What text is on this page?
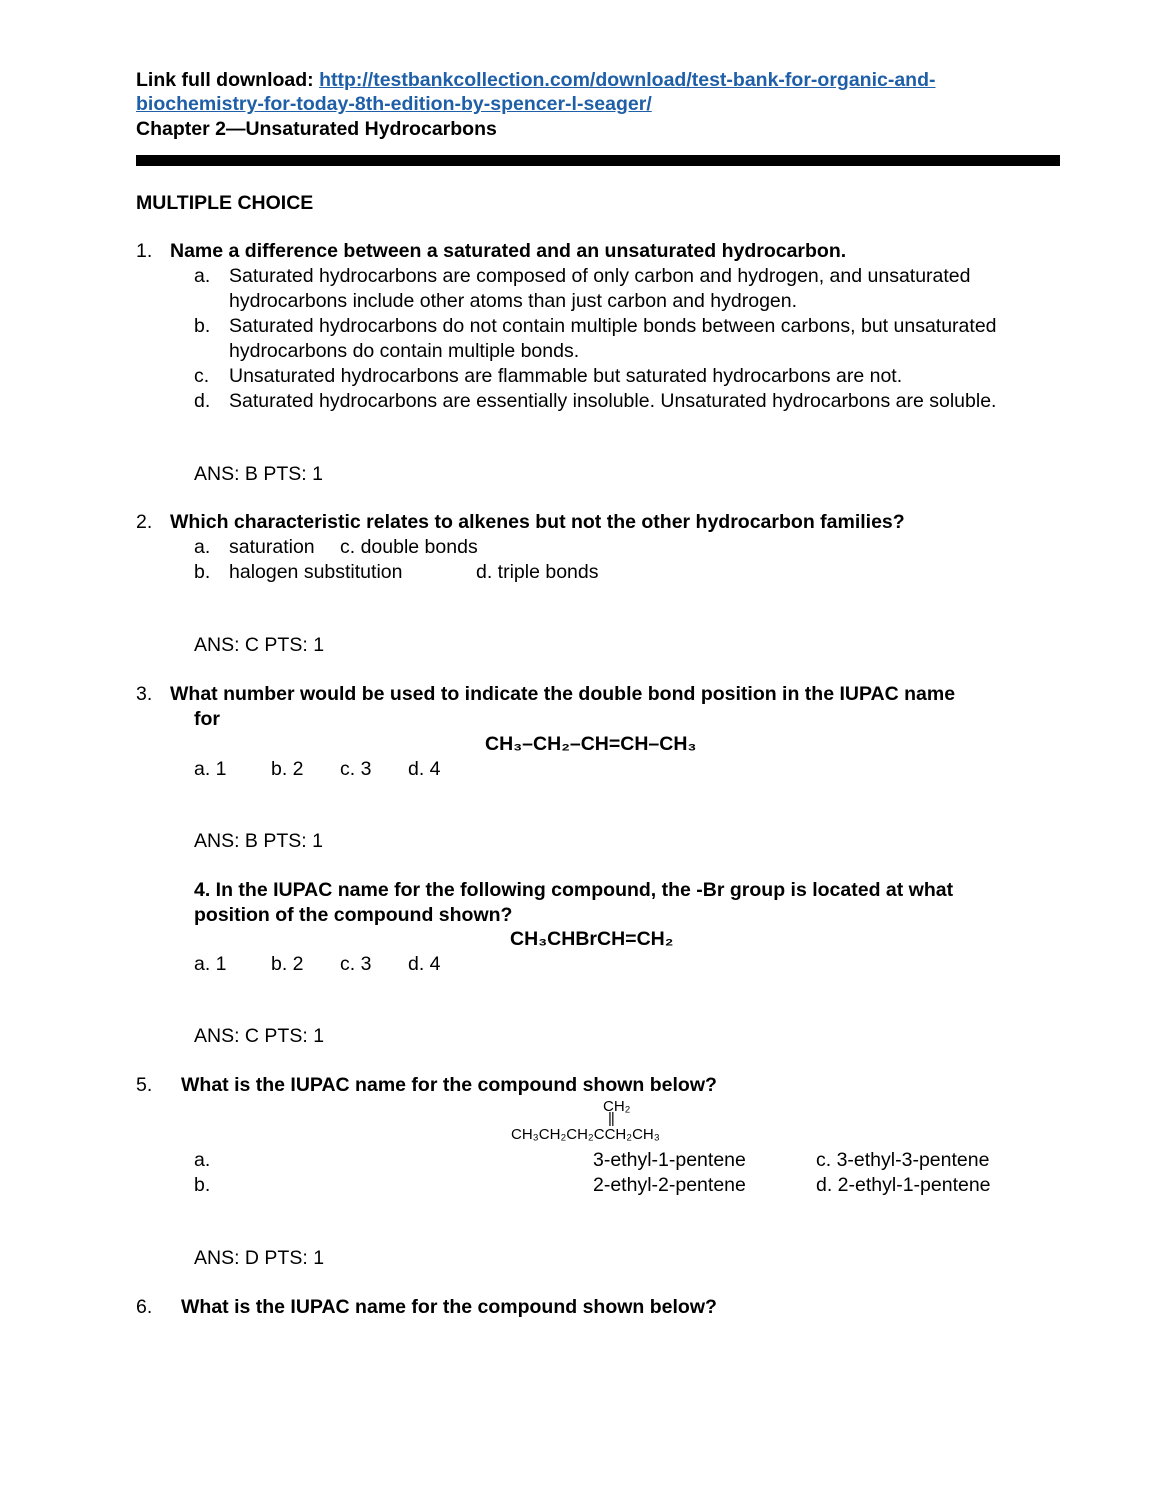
Link full download: http://testbankcollection.com/download/test-bank-for-organic-and-
biochemistry-for-today-8th-edition-by-spencer-l-seager/
Chapter 2—Unsaturated Hydrocarbons
MULTIPLE CHOICE
1. Name a difference between a saturated and an unsaturated hydrocarbon.
a. Saturated hydrocarbons are composed of only carbon and hydrogen, and unsaturated
hydrocarbons include other atoms than just carbon and hydrogen.
b. Saturated hydrocarbons do not contain multiple bonds between carbons, but unsaturated
hydrocarbons do contain multiple bonds.
c. Unsaturated hydrocarbons are flammable but saturated hydrocarbons are not.
d. Saturated hydrocarbons are essentially insoluble. Unsaturated hydrocarbons are soluble.
ANS: B PTS: 1
2. Which characteristic relates to alkenes but not the other hydrocarbon families?
a. saturation c. double bonds
b. halogen substitution	d. triple bonds
ANS: C PTS: 1
3. What number would be used to indicate the double bond position in the IUPAC name
for
CH₃–CH₂–CH=CH–CH₃
a. 1 b. 2 c. 3 d. 4
ANS: B PTS: 1
4. In the IUPAC name for the following compound, the -Br group is located at what
position of the compound shown?
CH₃CHBrCH=CH₂
a. 1 b. 2 c. 3 d. 4
ANS: C PTS: 1
5. What is the IUPAC name for the compound shown below?
CH₂
||
CH₃CH₂CH₂CCH₂CH₃
a.	3-ethyl-1-pentene	c. 3-ethyl-3-pentene
b.	2-ethyl-2-pentene	d. 2-ethyl-1-pentene
ANS: D PTS: 1
6. What is the IUPAC name for the compound shown below?
